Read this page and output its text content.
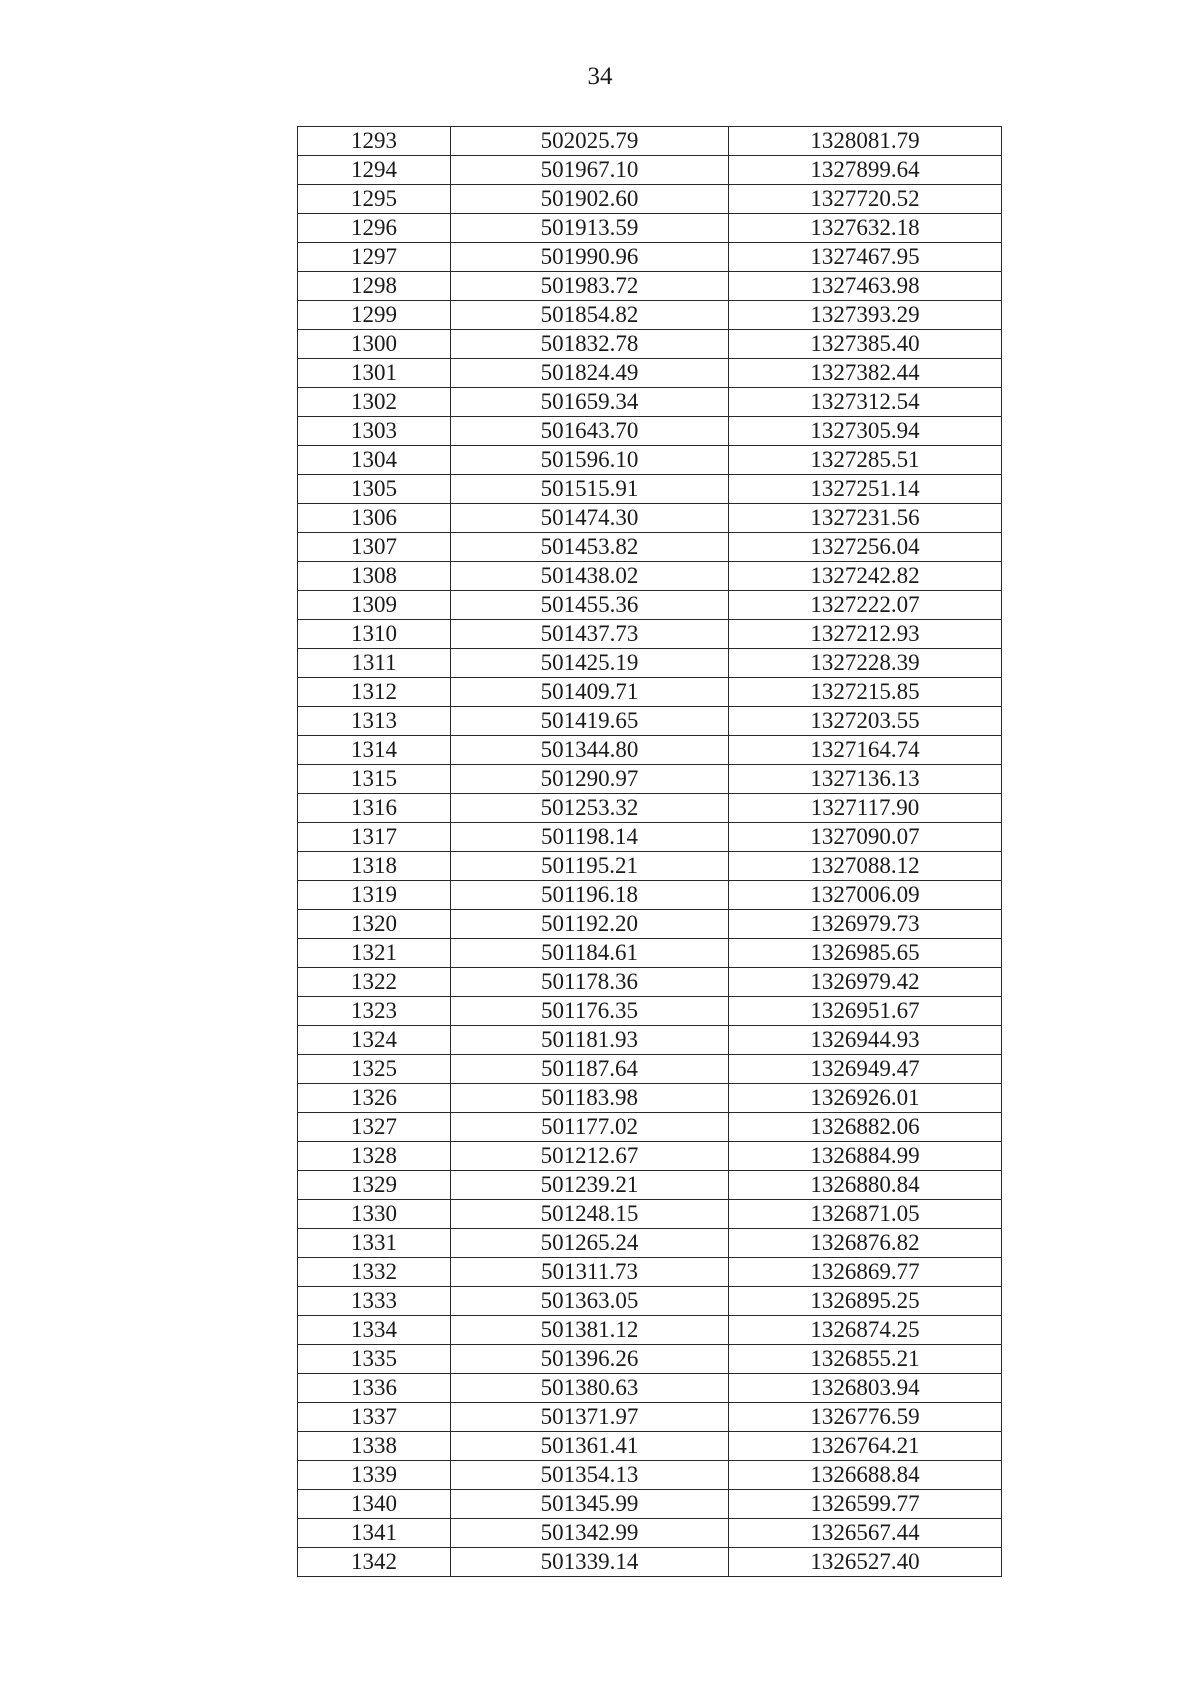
34
1293	502025.79	1328081.79
1294	501967.10	1327899.64
1295	501902.60	1327720.52
1296	501913.59	1327632.18
1297	501990.96	1327467.95
1298	501983.72	1327463.98
1299	501854.82	1327393.29
1300	501832.78	1327385.40
1301	501824.49	1327382.44
1302	501659.34	1327312.54
1303	501643.70	1327305.94
1304	501596.10	1327285.51
1305	501515.91	1327251.14
1306	501474.30	1327231.56
1307	501453.82	1327256.04
1308	501438.02	1327242.82
1309	501455.36	1327222.07
1310	501437.73	1327212.93
1311	501425.19	1327228.39
1312	501409.71	1327215.85
1313	501419.65	1327203.55
1314	501344.80	1327164.74
1315	501290.97	1327136.13
1316	501253.32	1327117.90
1317	501198.14	1327090.07
1318	501195.21	1327088.12
1319	501196.18	1327006.09
1320	501192.20	1326979.73
1321	501184.61	1326985.65
1322	501178.36	1326979.42
1323	501176.35	1326951.67
1324	501181.93	1326944.93
1325	501187.64	1326949.47
1326	501183.98	1326926.01
1327	501177.02	1326882.06
1328	501212.67	1326884.99
1329	501239.21	1326880.84
1330	501248.15	1326871.05
1331	501265.24	1326876.82
1332	501311.73	1326869.77
1333	501363.05	1326895.25
1334	501381.12	1326874.25
1335	501396.26	1326855.21
1336	501380.63	1326803.94
1337	501371.97	1326776.59
1338	501361.41	1326764.21
1339	501354.13	1326688.84
1340	501345.99	1326599.77
1341	501342.99	1326567.44
1342	501339.14	1326527.40
